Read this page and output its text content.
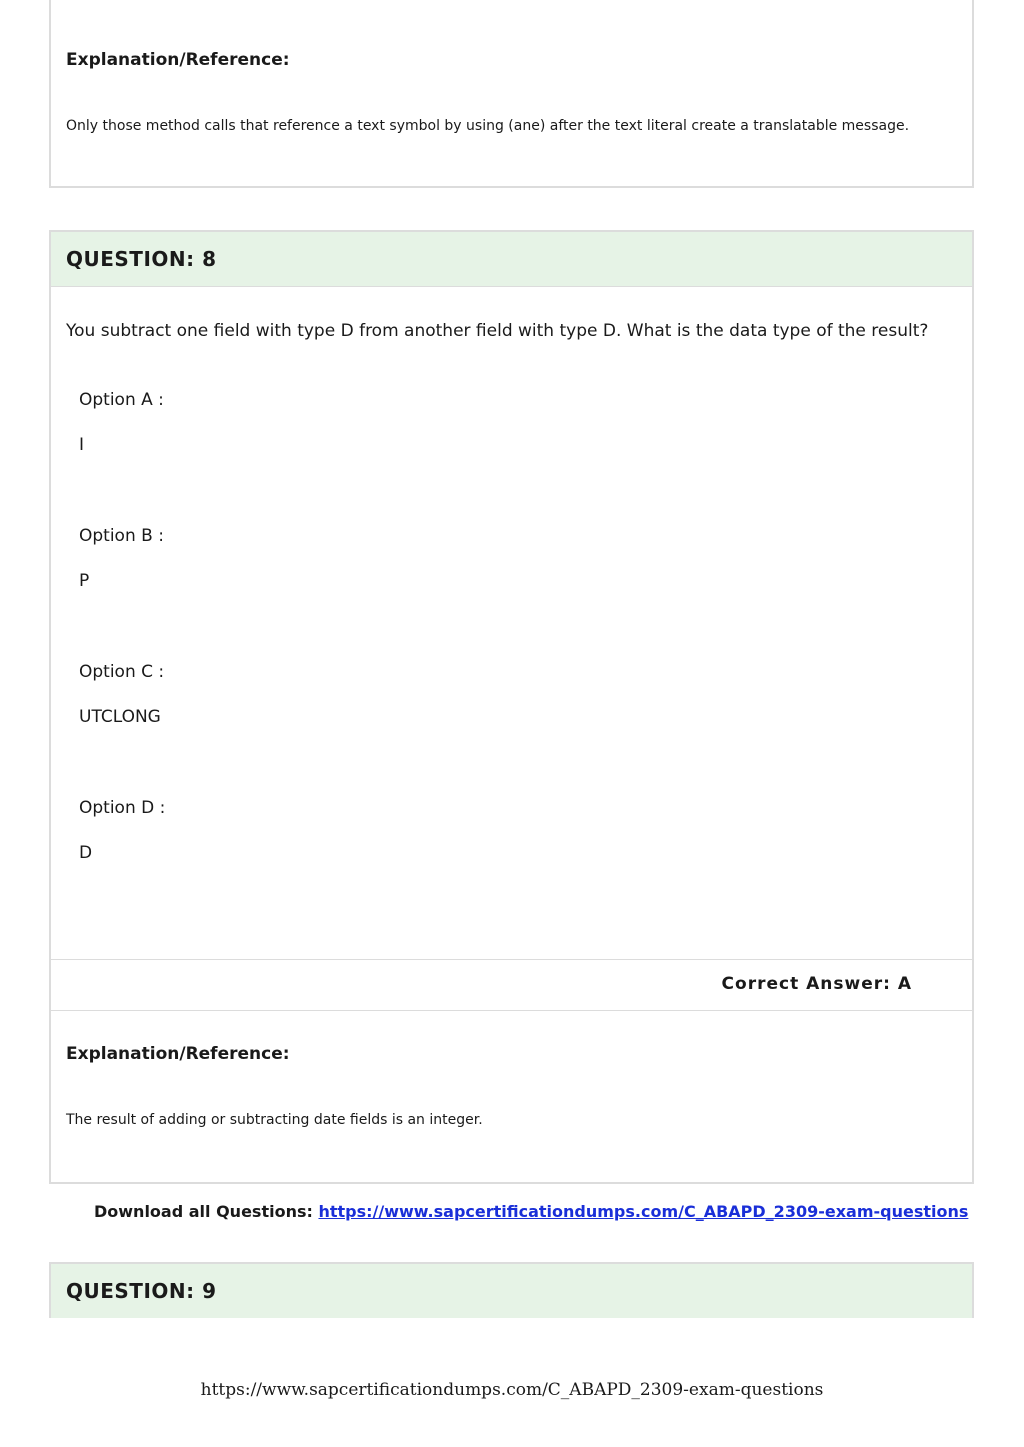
Explanation/Reference:
Only those method calls that reference a text symbol by using (ane) after the text literal create a translatable message.
QUESTION: 8
You subtract one field with type D from another field with type D. What is the data type of the result?
Option A :
I
Option B :
P
Option C :
UTCLONG
Option D :
D
Correct Answer: A
Explanation/Reference:
The result of adding or subtracting date fields is an integer.
Download all Questions: https://www.sapcertificationdumps.com/C_ABAPD_2309-exam-questions
QUESTION: 9
https://www.sapcertificationdumps.com/C_ABAPD_2309-exam-questions
